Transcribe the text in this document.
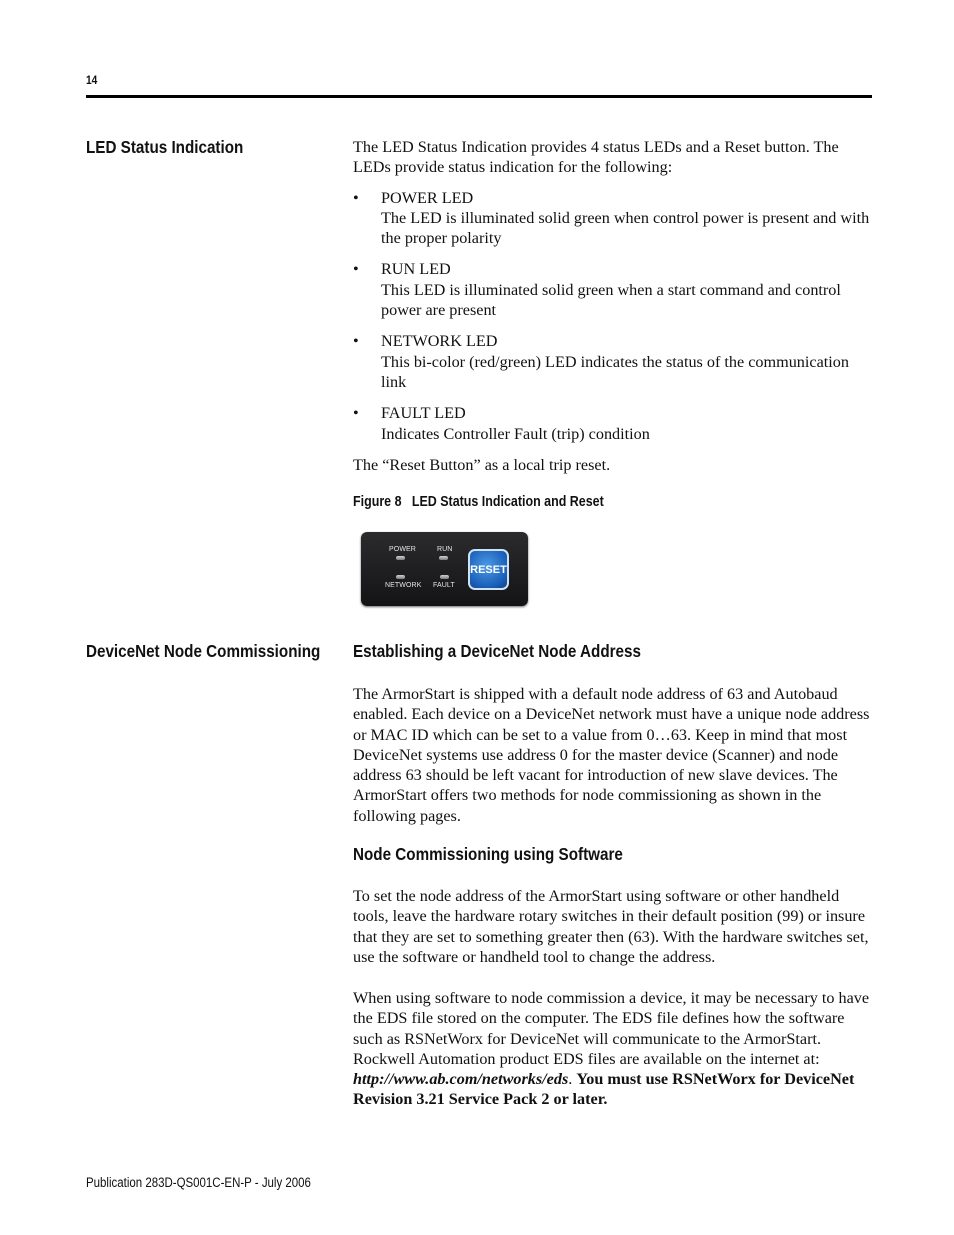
14
LED Status Indication	The LED Status Indication provides 4 status LEDs and a Reset button. The LEDs provide status indication for the following:

• POWER LED
The LED is illuminated solid green when control power is present and with the proper polarity
• RUN LED
This LED is illuminated solid green when a start command and control power are present
• NETWORK LED
This bi-color (red/green) LED indicates the status of the communication link
• FAULT LED
Indicates Controller Fault (trip) condition

The “Reset Button” as a local trip reset.

Figure 8 LED Status Indication and Reset
POWER	RUN
NETWORK FAULT
RESET
DeviceNet Node Commissioning Establishing a DeviceNet Node Address

The ArmorStart is shipped with a default node address of 63 and Autobaud enabled. Each device on a DeviceNet network must have a unique node address or MAC ID which can be set to a value from 0…63. Keep in mind that most DeviceNet systems use address 0 for the master device (Scanner) and node address 63 should be left vacant for introduction of new slave devices. The ArmorStart offers two methods for node commissioning as shown in the following pages.

Node Commissioning using Software

To set the node address of the ArmorStart using software or other handheld tools, leave the hardware rotary switches in their default position (99) or insure that they are set to something greater then (63). With the hardware switches set, use the software or handheld tool to change the address.

When using software to node commission a device, it may be necessary to have the EDS file stored on the computer. The EDS file defines how the software such as RSNetWorx for DeviceNet will communicate to the ArmorStart. Rockwell Automation product EDS files are available on the internet at: http://www.ab.com/networks/eds. You must use RSNetWorx for DeviceNet Revision 3.21 Service Pack 2 or later.

Publication 283D-QS001C-EN-P - July 2006
